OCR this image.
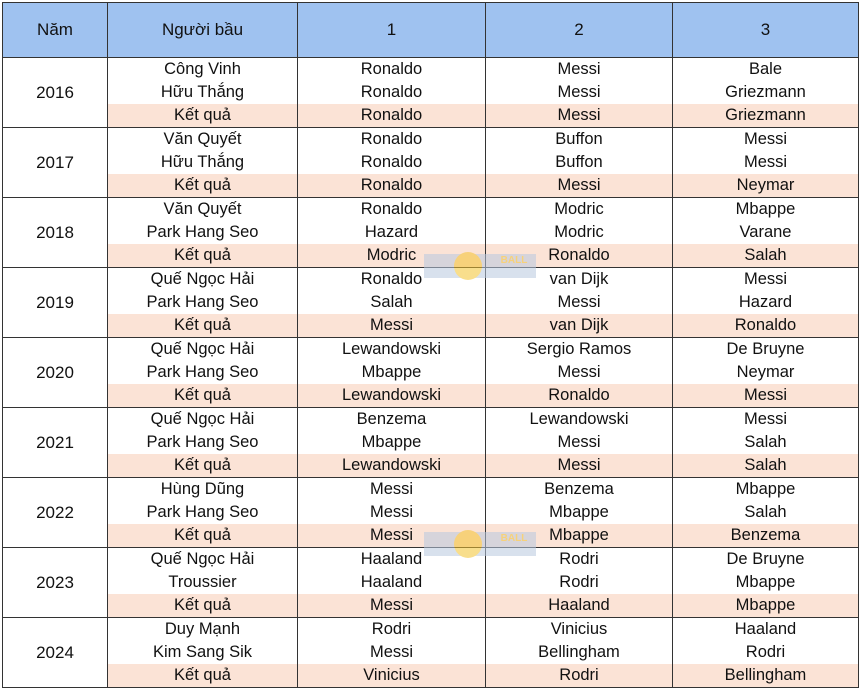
Năm	Người bầu	1	2	3
2016	Công Vinh	Ronaldo	Messi	Bale
	Hữu Thắng	Ronaldo	Messi	Griezmann
	Kết quả	Ronaldo	Messi	Griezmann
2017	Văn Quyết	Ronaldo	Buffon	Messi
	Hữu Thắng	Ronaldo	Buffon	Messi
	Kết quả	Ronaldo	Messi	Neymar
2018	Văn Quyết	Ronaldo	Modric	Mbappe
	Park Hang Seo	Hazard	Modric	Varane
	Kết quả	Modric	Ronaldo	Salah
2019	Quế Ngọc Hải	Ronaldo	van Dijk	Messi
	Park Hang Seo	Salah	Messi	Hazard
	Kết quả	Messi	van Dijk	Ronaldo
2020	Quế Ngọc Hải	Lewandowski	Sergio Ramos	De Bruyne
	Park Hang Seo	Mbappe	Messi	Neymar
	Kết quả	Lewandowski	Ronaldo	Messi
2021	Quế Ngọc Hải	Benzema	Lewandowski	Messi
	Park Hang Seo	Mbappe	Messi	Salah
	Kết quả	Lewandowski	Messi	Salah
2022	Hùng Dũng	Messi	Benzema	Mbappe
	Park Hang Seo	Messi	Mbappe	Salah
	Kết quả	Messi	Mbappe	Benzema
2023	Quế Ngọc Hải	Haaland	Rodri	De Bruyne
	Troussier	Haaland	Rodri	Mbappe
	Kết quả	Messi	Haaland	Mbappe
2024	Duy Mạnh	Rodri	Vinicius	Haaland
	Kim Sang Sik	Messi	Bellingham	Rodri
	Kết quả	Vinicius	Rodri	Bellingham
BALL
BALL
